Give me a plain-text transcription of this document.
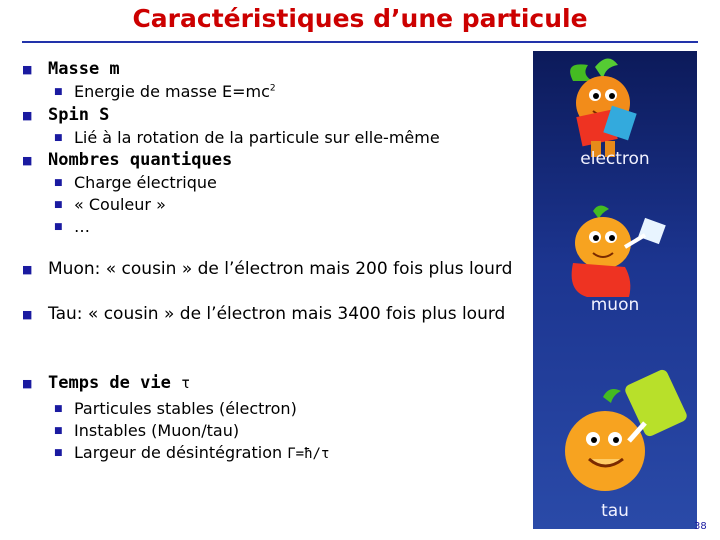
Caractéristiques d’une particule
■ Masse m
■ Energie de masse $E=mc^2$
■ Spin S
■ Lié à la rotation de la particule sur elle-même
■ Nombres quantiques
■ Charge électrique
■ « Couleur »
■ …
■ Muon: « cousin » de l’électron mais 200 fois plus lourd
■ Tau: « cousin » de l’électron mais 3400 fois plus lourd
■ Temps de vie τ
■ Particules stables (électron)
■ Instables (Muon/tau)
■ Largeur de désintégration Γ=ħ/τ
electron
muon
tau
38
